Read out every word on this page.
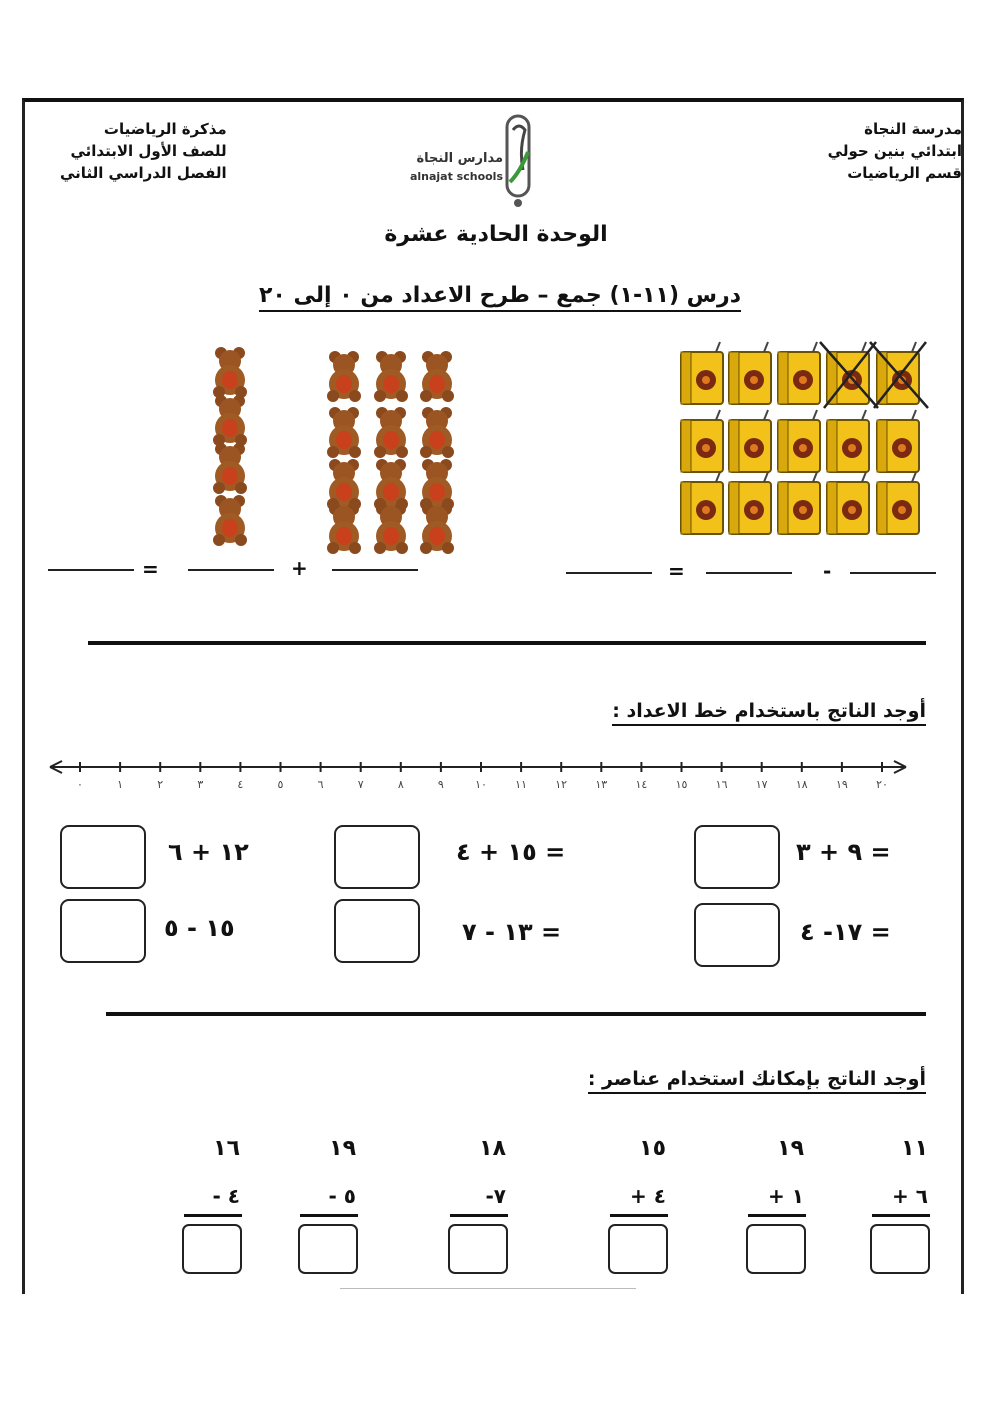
مدرسة النجاة
ابتدائي بنين حولي
قسم الرياضيات
مذكرة الرياضيات
للصف الأول الابتدائي
الفصل الدراسي الثاني
مدارس النجاة
alnajat schools
الوحدة الحادية عشرة
درس (١١-١) جمع – طرح الاعداد من ٠ إلى ٢٠
=	+	=	-
أوجد الناتج باستخدام خط الاعداد :
٠	١	٢	٣	٤	٥	٦	٧	٨	٩	١٠	١١	١٢	١٣	١٤	١٥	١٦	١٧	١٨	١٩	٢٠
١٢ + ٦	١٥ + ٤ =	٩ + ٣ =
١٥ - ٥	١٣ - ٧ =	١٧- ٤ =
أوجد الناتج بإمكانك استخدام عناصر :
١١
+ ٦
١٩
+ ١
١٥
+ ٤
١٨
-٧
١٩
- ٥
١٦
- ٤
